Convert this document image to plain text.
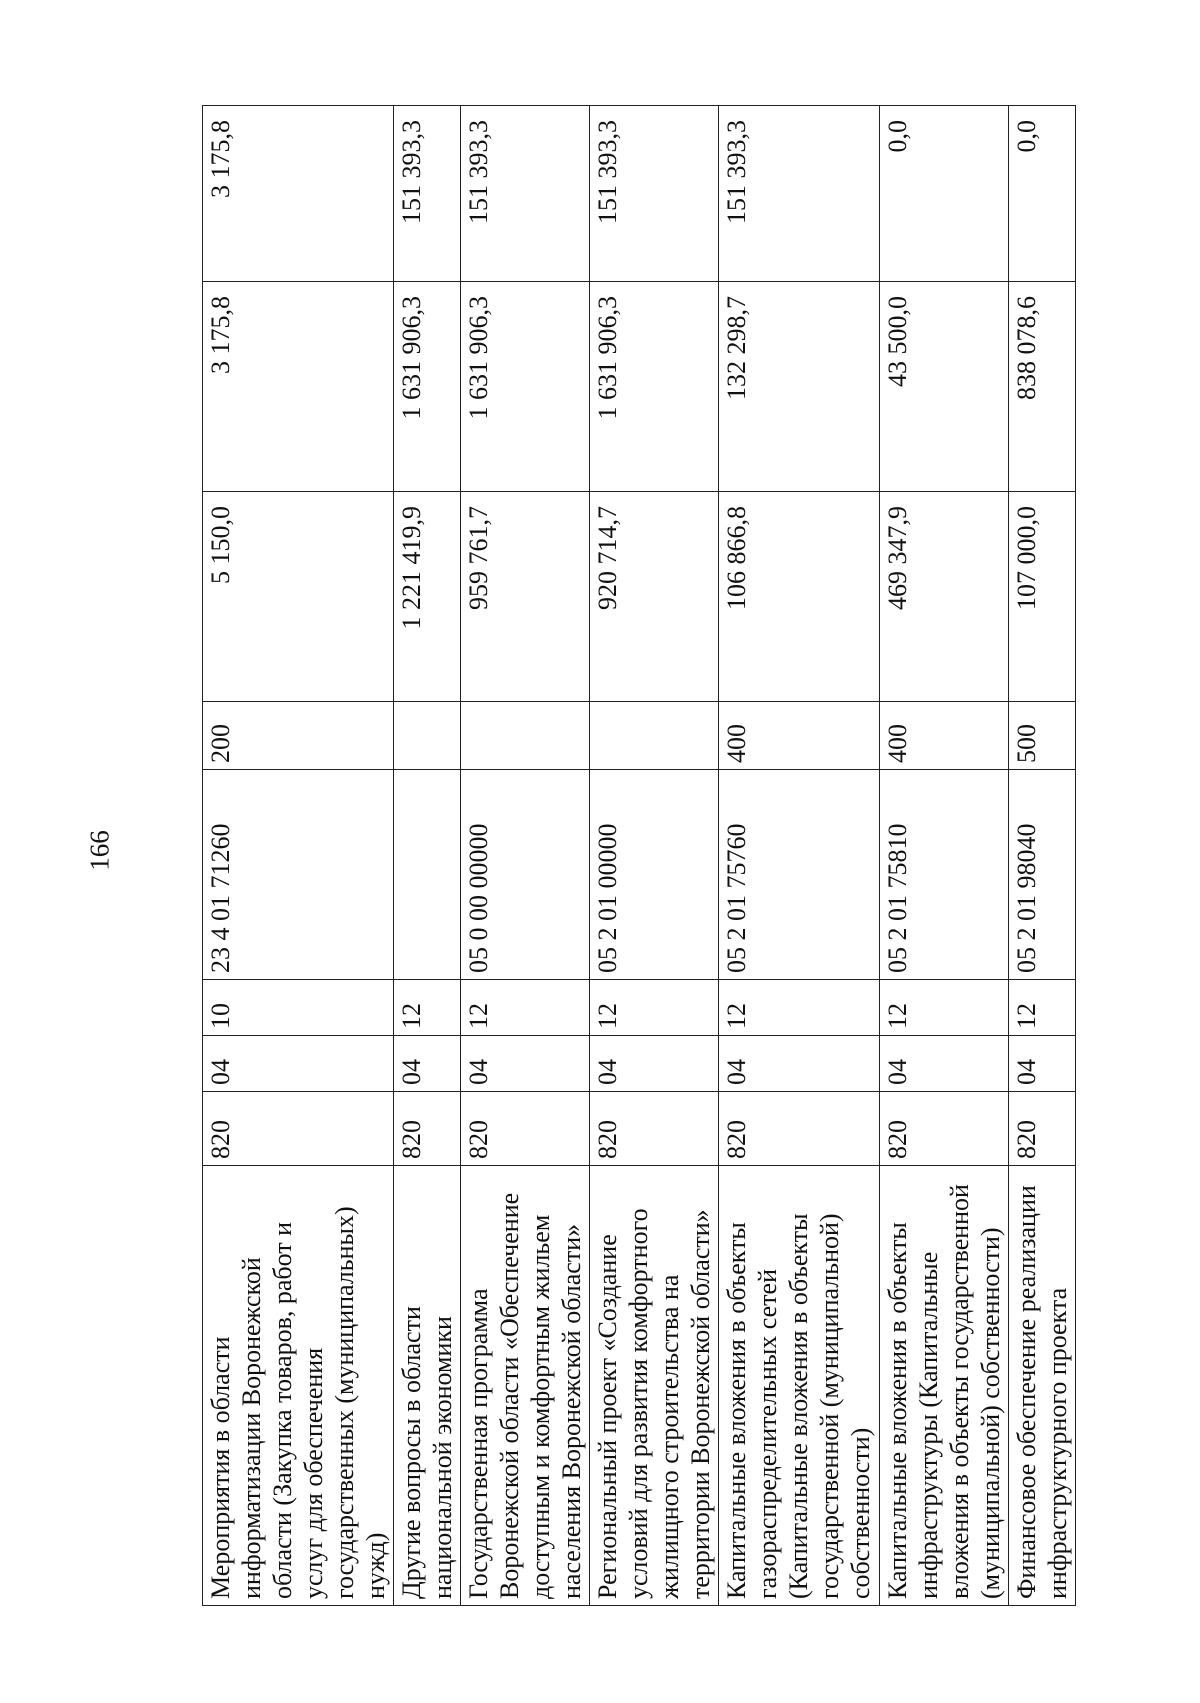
166
Мероприятия в области информатизации Воронежской области (Закупка товаров, работ и услуг для обеспечения государственных (муниципальных) нужд)	820	04	10	23 4 01 71260	200	5 150,0	3 175,8	3 175,8
Другие вопросы в области национальной экономики	820	04	12			1 221 419,9	1 631 906,3	151 393,3
Государственная программа Воронежской области «Обеспечение доступным и комфортным жильем населения Воронежской области»	820	04	12	05 0 00 00000		959 761,7	1 631 906,3	151 393,3
Региональный проект «Создание условий для развития комфортного жилищного строительства на территории Воронежской области»	820	04	12	05 2 01 00000		920 714,7	1 631 906,3	151 393,3
Капитальные вложения в объекты газораспределительных сетей (Капитальные вложения в объекты государственной (муниципальной) собственности)	820	04	12	05 2 01 75760	400	106 866,8	132 298,7	151 393,3
Капитальные вложения в объекты инфраструктуры (Капитальные вложения в объекты государственной (муниципальной) собственности)	820	04	12	05 2 01 75810	400	469 347,9	43 500,0	0,0
Финансовое обеспечение реализации инфраструктурного проекта	820	04	12	05 2 01 98040	500	107 000,0	838 078,6	0,0
